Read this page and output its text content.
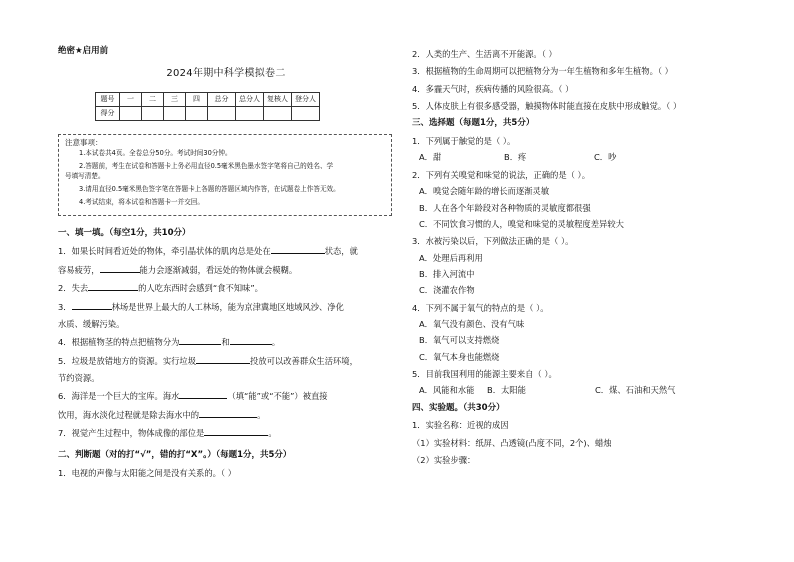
绝密★启用前
2024年期中科学模拟卷二
题号	一	二	三	四	总分	总分人	复核人	登分人
得分								
注意事项：
1.本试卷共4页。全卷总分50分。考试时间30分钟。
2.答题前，考生在试卷和答题卡上务必用直径0.5毫米黑色墨水签字笔将自己的姓名、学
号填写清楚。
3.请用直径0.5毫米黑色签字笔在答题卡上各题的答题区域内作答，在试题卷上作答无效。
4.考试结束，将本试卷和答题卡一并交回。
一、填一填。（每空1分，共10分）
1．如果长时间看近处的物体，牵引晶状体的肌肉总是处在	状态，就
容易疲劳，	能力会逐渐减弱，看远处的物体就会模糊。
2．失去	的人吃东西时会感到“食不知味”。
3．	林场是世界上最大的人工林场，能为京津冀地区地域风沙、净化
水质、缓解污染。
4．根据植物茎的特点把植物分为	和	。
5．垃圾是放错地方的资源。实行垃圾	投放可以改善群众生活环境，
节约资源。
6．海洋是一个巨大的宝库。海水	（填“能”或“不能”）被直接
饮用，海水淡化过程就是除去海水中的	。
7．视觉产生过程中，物体成像的部位是	。
二、判断题（对的打“√”，错的打“X”。）（每题1分，共5分）
1．电视的声像与太阳能之间是没有关系的。（ ）
2．人类的生产、生活离不开能源。（ ）
3．根据植物的生命周期可以把植物分为一年生植物和多年生植物。（ ）
4．多霾天气时，疾病传播的风险很高。（ ）
5．人体皮肤上有很多感受器，触摸物体时能直接在皮肤中形成触觉。（ ）
三、选择题（每题1分，共5分）
1．下列属于触觉的是（ ）。
A．甜	B．疼	C．吵
2．下列有关嗅觉和味觉的说法，正确的是（ ）。
A．嗅觉会随年龄的增长而逐渐灵敏
B．人在各个年龄段对各种物质的灵敏度都很强
C．不同饮食习惯的人，嗅觉和味觉的灵敏程度差异较大
3．水被污染以后，下列做法正确的是（ ）。
A．处理后再利用
B．排入河流中
C．浇灌农作物
4．下列不属于氧气的特点的是（ ）。
A．氧气没有颜色、没有气味
B．氧气可以支持燃烧
C．氧气本身也能燃烧
5．目前我国利用的能源主要来自（ ）。
A．风能和水能 B．太阳能	C．煤、石油和天然气
四、实验题。（共30分）
1．实验名称：近视的成因
（1）实验材料：纸屏、凸透镜(凸度不同，2个)、蜡烛
（2）实验步骤：
